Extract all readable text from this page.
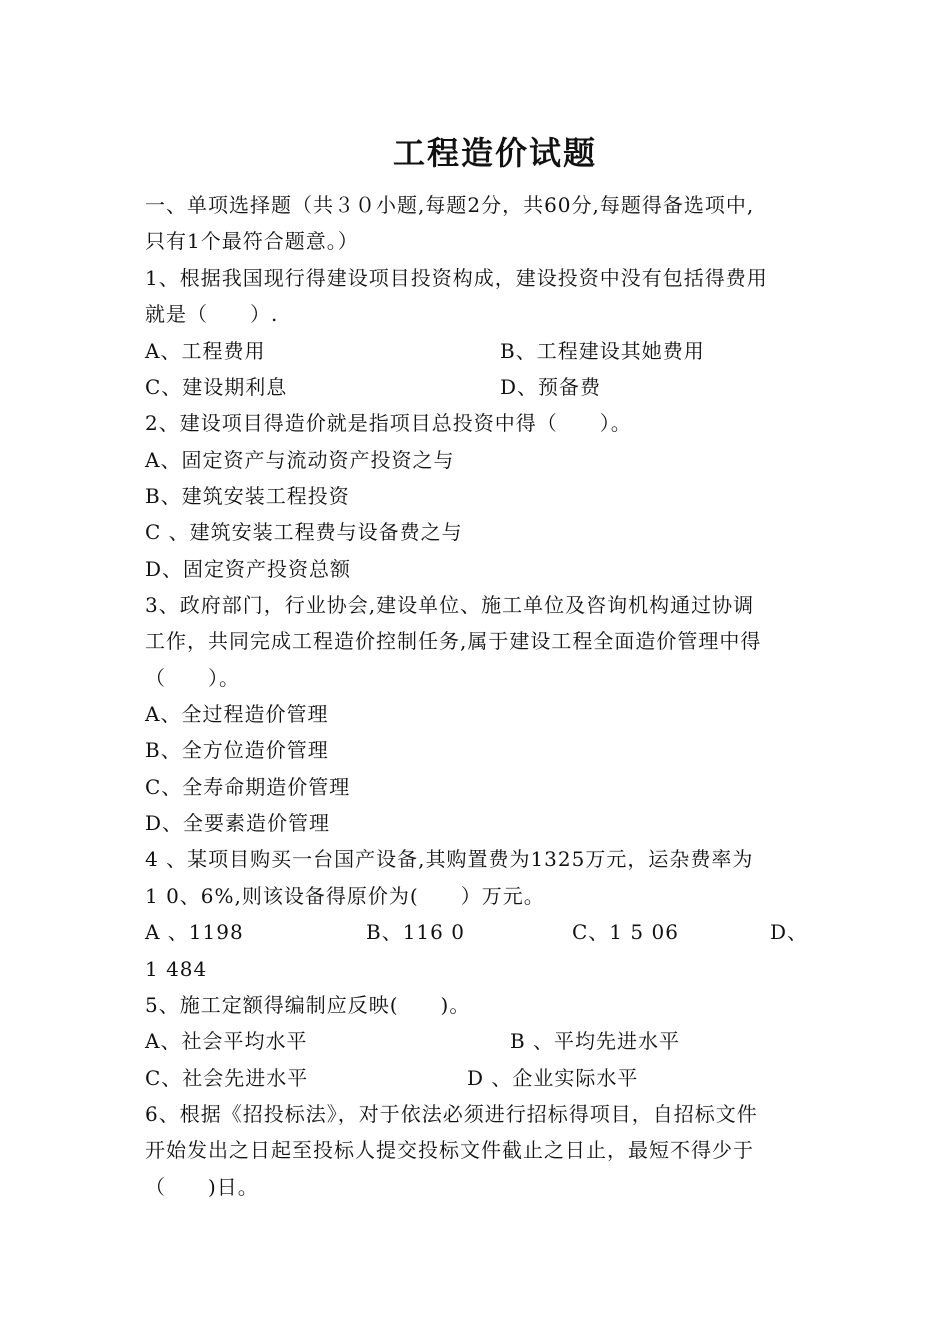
工程造价试题
一、单项选择题（共３０小题,每题2分，共60分,每题得备选项中,
只有1个最符合题意。）
1、根据我国现行得建设项目投资构成，建设投资中没有包括得费用
就是（　　）.
A、工程费用	B、工程建设其她费用
C、建设期利息	D、预备费
2、建设项目得造价就是指项目总投资中得（　　）。
A、固定资产与流动资产投资之与
B、建筑安装工程投资
C 、建筑安装工程费与设备费之与
D、固定资产投资总额
3、政府部门，行业协会,建设单位、施工单位及咨询机构通过协调
工作，共同完成工程造价控制任务,属于建设工程全面造价管理中得
（　　）。
A、全过程造价管理
B、全方位造价管理
C、全寿命期造价管理
D、全要素造价管理
4 、某项目购买一台国产设备,其购置费为1325万元，运杂费率为
1 0、6%,则该设备得原价为(　　）万元。
A 、1198	B、116 0	C、1 5 06	D、
1 484
5、施工定额得编制应反映(　　)。
A、社会平均水平	B 、平均先进水平
C、社会先进水平	D 、企业实际水平
6、根据《招投标法》，对于依法必须进行招标得项目，自招标文件
开始发出之日起至投标人提交投标文件截止之日止，最短不得少于
（　　)日。
